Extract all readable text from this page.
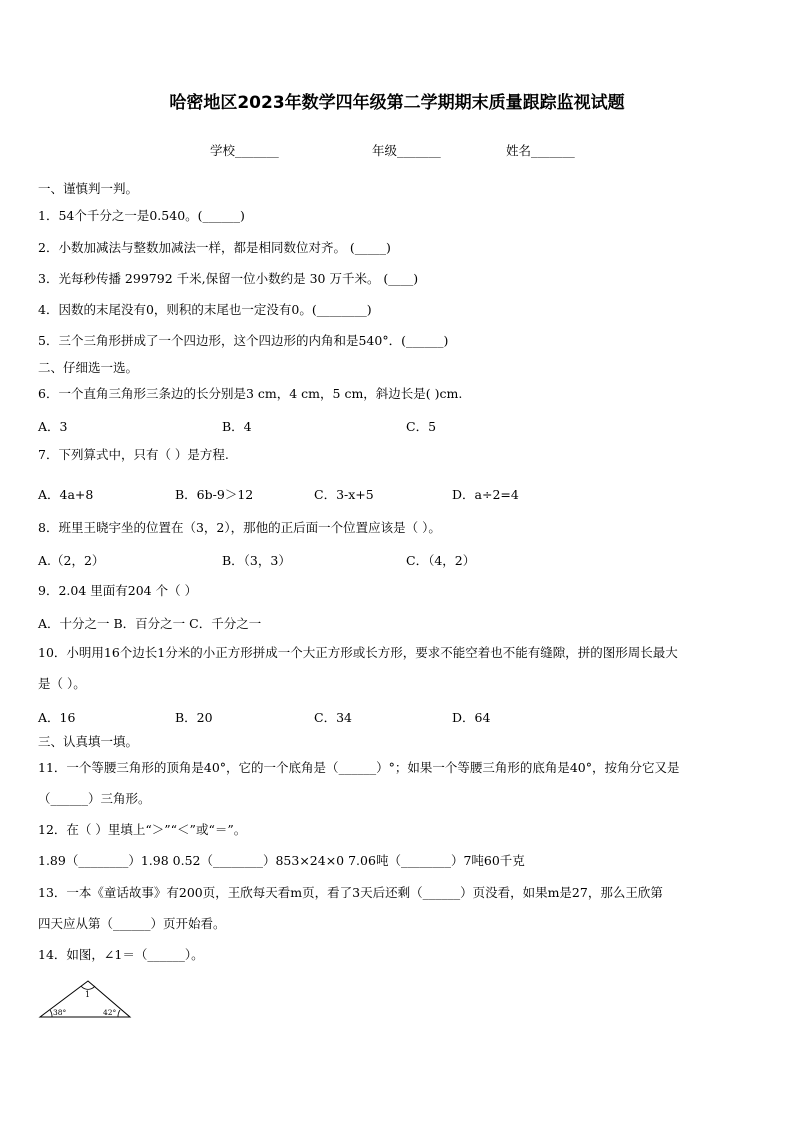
哈密地区2023年数学四年级第二学期期末质量跟踪监视试题
学校_______	年级_______	姓名_______
一、谨慎判一判。
1．54个千分之一是0.540。(______)
2．小数加减法与整数加减法一样，都是相同数位对齐。 (_____)
3．光每秒传播 299792 千米,保留一位小数约是 30 万千米。 (____)
4．因数的末尾没有0，则积的末尾也一定没有0。(________)
5．三个三角形拼成了一个四边形，这个四边形的内角和是540°．(______)
二、仔细选一选。
6．一个直角三角形三条边的长分别是3 cm，4 cm，5 cm，斜边长是( )cm.
A．3	B．4	C．5
7．下列算式中，只有（ ）是方程.
A．4a+8	B．6b-9＞12	C．3-x+5	D．a÷2=4
8．班里王晓宇坐的位置在（3，2），那他的正后面一个位置应该是（ ）。
A.（2，2）	B．（3，3）	C．（4，2）
9．2.04 里面有204 个（ ）
A．十分之一 B．百分之一 C．千分之一
10．小明用16个边长1分米的小正方形拼成一个大正方形或长方形，要求不能空着也不能有缝隙，拼的图形周长最大
是（ ）。
A．16	B．20	C．34	D．64
三、认真填一填。
11．一个等腰三角形的顶角是40°，它的一个底角是（______）°；如果一个等腰三角形的底角是40°，按角分它又是
（______）三角形。
12．在（ ）里填上“＞”“＜”或“＝”。
1.89（________）1.98 0.52（________）853×24×0 7.06吨（________）7吨60千克
13．一本《童话故事》有200页，王欣每天看m页，看了3天后还剩（______）页没看，如果m是27，那么王欣第
四天应从第（______）页开始看。
14．如图，∠1＝（______）。
1
38°	42°
